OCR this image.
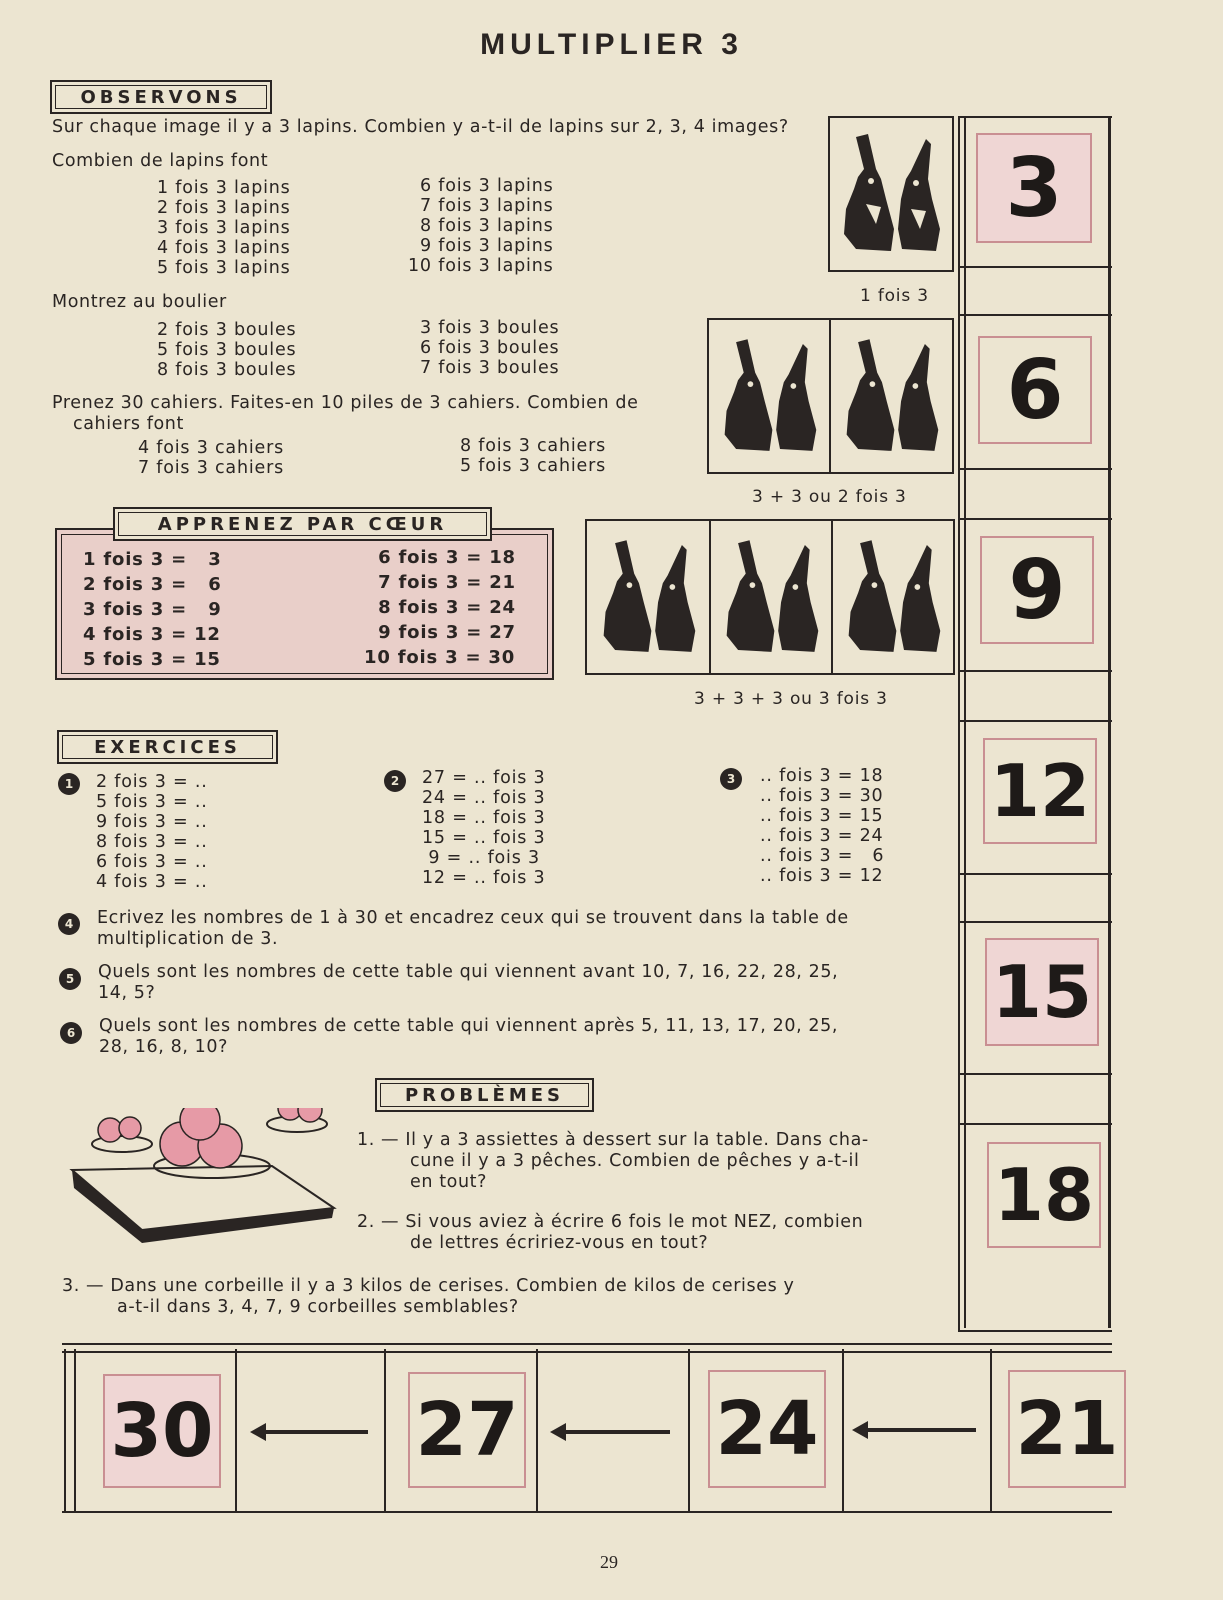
MULTIPLIER 3
OBSERVONS
Sur chaque image il y a 3 lapins. Combien y a-t-il de lapins sur 2, 3, 4 images?
Combien de lapins font
1 fois 3 lapins
2 fois 3 lapins
3 fois 3 lapins
4 fois 3 lapins
5 fois 3 lapins
6 fois 3 lapins
7 fois 3 lapins
8 fois 3 lapins
9 fois 3 lapins
10 fois 3 lapins
Montrez au boulier
2 fois 3 boules
5 fois 3 boules
8 fois 3 boules
3 fois 3 boules
6 fois 3 boules
7 fois 3 boules
Prenez 30 cahiers. Faites-en 10 piles de 3 cahiers. Combien de
cahiers font
4 fois 3 cahiers
7 fois 3 cahiers
8 fois 3 cahiers
5 fois 3 cahiers
1 fois 3 =   3
2 fois 3 =   6
3 fois 3 =   9
4 fois 3 = 12
5 fois 3 = 15
6 fois 3 = 18
7 fois 3 = 21
8 fois 3 = 24
9 fois 3 = 27
10 fois 3 = 30
APPRENEZ PAR CŒUR
3
6
9
12
15
18
1 fois 3
3 + 3 ou 2 fois 3
3 + 3 + 3 ou 3 fois 3
EXERCICES
1	2 fois 3 = ..
5 fois 3 = ..
9 fois 3 = ..
8 fois 3 = ..
6 fois 3 = ..
4 fois 3 = ..
2	27 = .. fois 3
24 = .. fois 3
18 = .. fois 3
15 = .. fois 3
9 = .. fois 3
12 = .. fois 3
3	.. fois 3 = 18
.. fois 3 = 30
.. fois 3 = 15
.. fois 3 = 24
.. fois 3 =   6
.. fois 3 = 12
4	Ecrivez les nombres de 1 à 30 et encadrez ceux qui se trouvent dans la table de
multiplication de 3.
5	Quels sont les nombres de cette table qui viennent avant 10, 7, 16, 22, 28, 25,
14, 5?
6	Quels sont les nombres de cette table qui viennent après 5, 11, 13, 17, 20, 25,
28, 16, 8, 10?
PROBLÈMES
1. — Il y a 3 assiettes à dessert sur la table. Dans cha-
cune il y a 3 pêches. Combien de pêches y a-t-il
en tout?
2. — Si vous aviez à écrire 6 fois le mot NEZ, combien
de lettres écririez-vous en tout?
3. — Dans une corbeille il y a 3 kilos de cerises. Combien de kilos de cerises y
a-t-il dans 3, 4, 7, 9 corbeilles semblables?
30	27	24	21
29
